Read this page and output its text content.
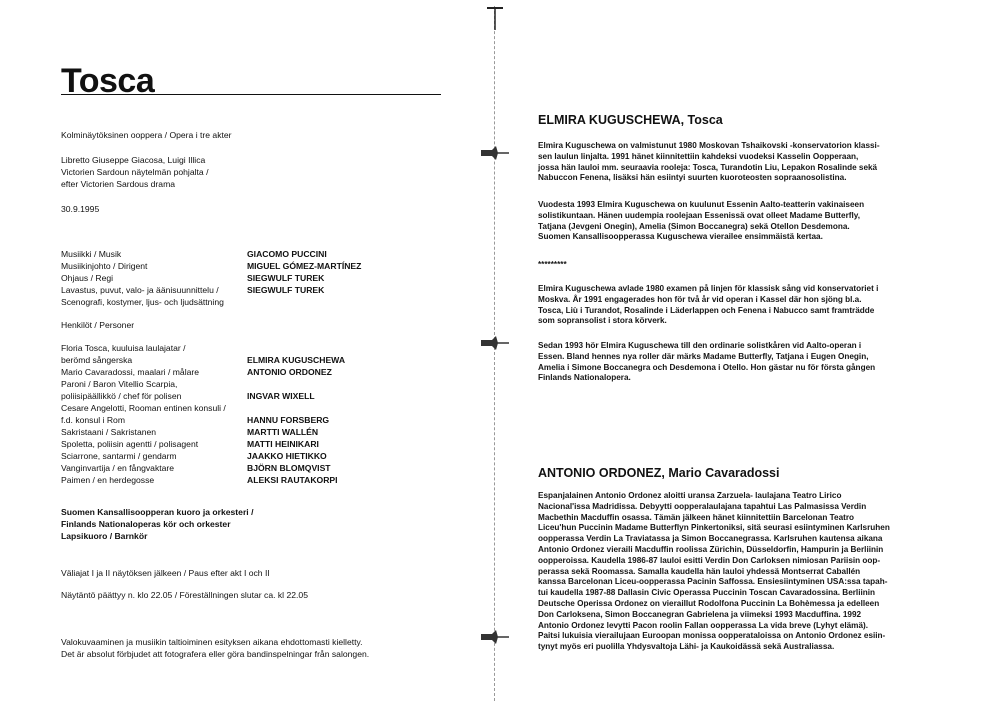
Tosca
Kolminäytöksinen ooppera / Opera i tre akter
Libretto Giuseppe Giacosa, Luigi Illica
Victorien Sardoun näytelmän pohjalta /
efter Victorien Sardous drama
30.9.1995
Musiikki / Musik	GIACOMO PUCCINI
Musiikinjohto / Dirigent	MIGUEL GÓMEZ-MARTÍNEZ
Ohjaus / Regi	SIEGWULF TUREK
Lavastus, puvut, valo- ja äänisuunnittelu /	SIEGWULF TUREK
Scenografi, kostymer, ljus- och ljudsättning
Henkilöt / Personer
Floria Tosca, kuuluisa laulajatar /
berömd sångerska	ELMIRA KUGUSCHEWA
Mario Cavaradossi, maalari / målare	ANTONIO ORDONEZ
Paroni / Baron Vitellio Scarpia,
poliisipäällikkö / chef för polisen	INGVAR WIXELL
Cesare Angelotti, Rooman entinen konsuli /
f.d. konsul i Rom	HANNU FORSBERG
Sakristaani / Sakristanen	MARTTI WALLÉN
Spoletta, poliisin agentti / polisagent	MATTI HEINIKARI
Sciarrone, santarmi / gendarm	JAAKKO HIETIKKO
Vanginvartija / en fångvaktare	BJÖRN BLOMQVIST
Paimen / en herdegosse	ALEKSI RAUTAKORPI
Suomen Kansallisoopperan kuoro ja orkesteri /
Finlands Nationaloperas kör och orkester
Lapsikuoro / Barnkör
Väliajat I ja II näytöksen jälkeen / Paus efter akt I och II
Näytäntö päättyy n. klo 22.05 / Föreställningen slutar ca. kl 22.05
Valokuvaaminen ja musiikin taltioiminen esityksen aikana ehdottomasti kielletty.
Det är absolut förbjudet att fotografera eller göra bandinspelningar från salongen.
ELMIRA KUGUSCHEWA, Tosca
Elmira Kuguschewa on valmistunut 1980 Moskovan Tshaikovski -konservatorion klassi-
sen laulun linjalta. 1991 hänet kiinnitettiin kahdeksi vuodeksi Kasselin Oopperaan,
jossa hän lauloi mm. seuraavia rooleja: Tosca, Turandotin Liu, Lepakon Rosalinde sekä
Nabuccon Fenena, lisäksi hän esiintyi suurten kuoroteosten sopraanosolistina.
Vuodesta 1993 Elmira Kuguschewa on kuulunut Essenin Aalto-teatterin vakinaiseen
solistikuntaan. Hänen uudempia roolejaan Essenissä ovat olleet Madame Butterfly,
Tatjana (Jevgeni Onegin), Amelia (Simon Boccanegra) sekä Otellon Desdemona.
Suomen Kansallisoopperassa Kuguschewa vierailee ensimmäistä kertaa.
*********
Elmira Kuguschewa avlade 1980 examen på linjen för klassisk sång vid konservatoriet i
Moskva. År 1991 engagerades hon för två år vid operan i Kassel där hon sjöng bl.a.
Tosca, Liù i Turandot, Rosalinde i Läderlappen och Fenena i Nabucco samt framträdde
som sopransolist i stora körverk.
Sedan 1993 hör Elmira Kuguschewa till den ordinarie solistkåren vid Aalto-operan i
Essen. Bland hennes nya roller där märks Madame Butterfly, Tatjana i Eugen Onegin,
Amelia i Simone Boccanegra och Desdemona i Otello. Hon gästar nu för första gången
Finlands Nationalopera.
ANTONIO ORDONEZ, Mario Cavaradossi
Espanjalainen Antonio Ordonez aloitti uransa Zarzuela- laulajana Teatro Lirico
Nacional'issa Madridissa. Debyytti oopperalaulajana tapahtui Las Palmasissa Verdin
Macbethin Macduffin osassa. Tämän jälkeen hänet kiinnitettiin Barcelonan Teatro
Liceu'hun Puccinin Madame Butterflyn Pinkertoniksi, sitä seurasi esiintyminen Karlsruhen
oopperassa Verdin La Traviatassa ja Simon Boccanegrassa. Karlsruhen kautensa aikana
Antonio Ordonez vieraili Macduffin roolissa Zürichin, Düsseldorfin, Hampurin ja Berliinin
oopperoissa. Kaudella 1986-87 lauloi esitti Verdin Don Carloksen nimiosan Pariisin oop-
perassa sekä Roomassa. Samalla kaudella hän lauloi yhdessä Montserrat Caballén
kanssa Barcelonan Liceu-oopperassa Pacinin Saffossa. Ensiesiintyminen USA:ssa tapah-
tui kaudella 1987-88 Dallasin Civic Operassa Puccinin Toscan Cavaradossina. Berliinin
Deutsche Operissa Ordonez on vieraillut Rodolfona Puccinin La Bohèmessa ja edelleen
Don Carloksena, Simon Boccanegran Gabrielena ja viimeksi 1993 Macduffina. 1992
Antonio Ordonez levytti Pacon roolin Fallan oopperassa La vida breve (Lyhyt elämä).
Paitsi lukuisia vierailujaan Euroopan monissa oopperataloissa on Antonio Ordonez esiin-
tynyt myös eri puolilla Yhdysvaltoja Lähi- ja Kaukoidässä sekä Australiassa.
